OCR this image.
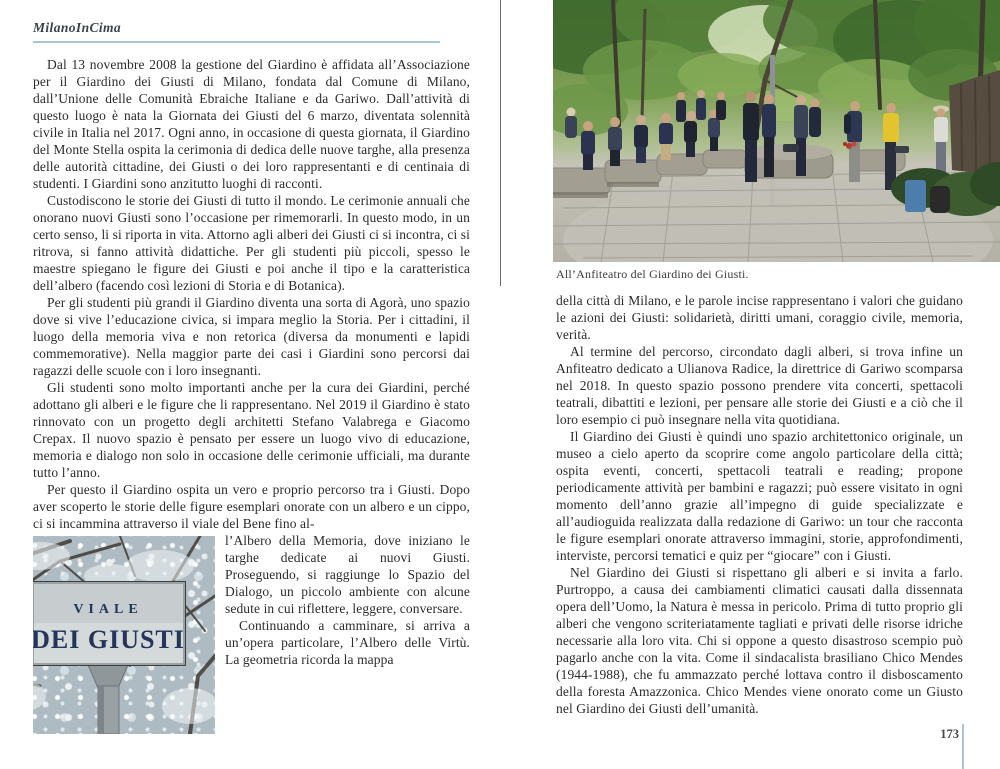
MilanoInCima

Dal 13 novembre 2008 la gestione del Giardino è affidata all’Associazione per il Giardino dei Giusti di Milano, fondata dal Comune di Milano, dall’Unione delle Comunità Ebraiche Italiane e da Gariwo. Dall’attività di questo luogo è nata la Giornata dei Giusti del 6 marzo, diventata solennità civile in Italia nel 2017. Ogni anno, in occasione di questa giornata, il Giardino del Monte Stella ospita la cerimonia di dedica delle nuove targhe, alla presenza delle autorità cittadine, dei Giusti o dei loro rappresentanti e di centinaia di studenti. I Giardini sono anzitutto luoghi di racconti.

Custodiscono le storie dei Giusti di tutto il mondo. Le cerimonie annuali che onorano nuovi Giusti sono l’occasione per rimemorarli. In questo modo, in un certo senso, li si riporta in vita. Attorno agli alberi dei Giusti ci si incontra, ci si ritrova, si fanno attività didattiche. Per gli studenti più piccoli, spesso le maestre spiegano le figure dei Giusti e poi anche il tipo e la caratteristica dell’albero (facendo così lezioni di Storia e di Botanica).

Per gli studenti più grandi il Giardino diventa una sorta di Agorà, uno spazio dove si vive l’educazione civica, si impara meglio la Storia. Per i cittadini, il luogo della memoria viva e non retorica (diversa da monumenti e lapidi commemorative). Nella maggior parte dei casi i Giardini sono percorsi dai ragazzi delle scuole con i loro insegnanti.

Gli studenti sono molto importanti anche per la cura dei Giardini, perché adottano gli alberi e le figure che li rappresentano. Nel 2019 il Giardino è stato rinnovato con un progetto degli architetti Stefano Valabrega e Giacomo Crepax. Il nuovo spazio è pensato per essere un luogo vivo di educazione, memoria e dialogo non solo in occasione delle cerimonie ufficiali, ma durante tutto l’anno.

Per questo il Giardino ospita un vero e proprio percorso tra i Giusti. Dopo aver scoperto le storie delle figure esemplari onorate con un albero e un cippo, ci si incammina attraverso il viale del Bene fino al-

VIALE
DEI GIUSTI

l’Albero della Memoria, dove iniziano le targhe dedicate ai nuovi Giusti. Proseguendo, si raggiunge lo Spazio del Dialogo, un piccolo ambiente con alcune sedute in cui riflettere, leggere, conversare.

Continuando a camminare, si arriva a un’opera particolare, l’Albero delle Virtù. La geometria ricorda la mappa

All’Anfiteatro del Giardino dei Giusti.

della città di Milano, e le parole incise rappresentano i valori che guidano le azioni dei Giusti: solidarietà, diritti umani, coraggio civile, memoria, verità.

Al termine del percorso, circondato dagli alberi, si trova infine un Anfiteatro dedicato a Ulianova Radice, la direttrice di Gariwo scomparsa nel 2018. In questo spazio possono prendere vita concerti, spettacoli teatrali, dibattiti e lezioni, per pensare alle storie dei Giusti e a ciò che il loro esempio ci può insegnare nella vita quotidiana.

Il Giardino dei Giusti è quindi uno spazio architettonico originale, un museo a cielo aperto da scoprire come angolo particolare della città; ospita eventi, concerti, spettacoli teatrali e reading; propone periodicamente attività per bambini e ragazzi; può essere visitato in ogni momento dell’anno grazie all’impegno di guide specializzate e all’audioguida realizzata dalla redazione di Gariwo: un tour che racconta le figure esemplari onorate attraverso immagini, storie, approfondimenti, interviste, percorsi tematici e quiz per “giocare” con i Giusti.

Nel Giardino dei Giusti si rispettano gli alberi e si invita a farlo. Purtroppo, a causa dei cambiamenti climatici causati dalla dissennata opera dell’Uomo, la Natura è messa in pericolo. Prima di tutto proprio gli alberi che vengono scriteriatamente tagliati e privati delle risorse idriche necessarie alla loro vita. Chi si oppone a questo disastroso scempio può pagarlo anche con la vita. Come il sindacalista brasiliano Chico Mendes (1944-1988), che fu ammazzato perché lottava contro il disboscamento della foresta Amazzonica. Chico Mendes viene onorato come un Giusto nel Giardino dei Giusti dell’umanità.

173
